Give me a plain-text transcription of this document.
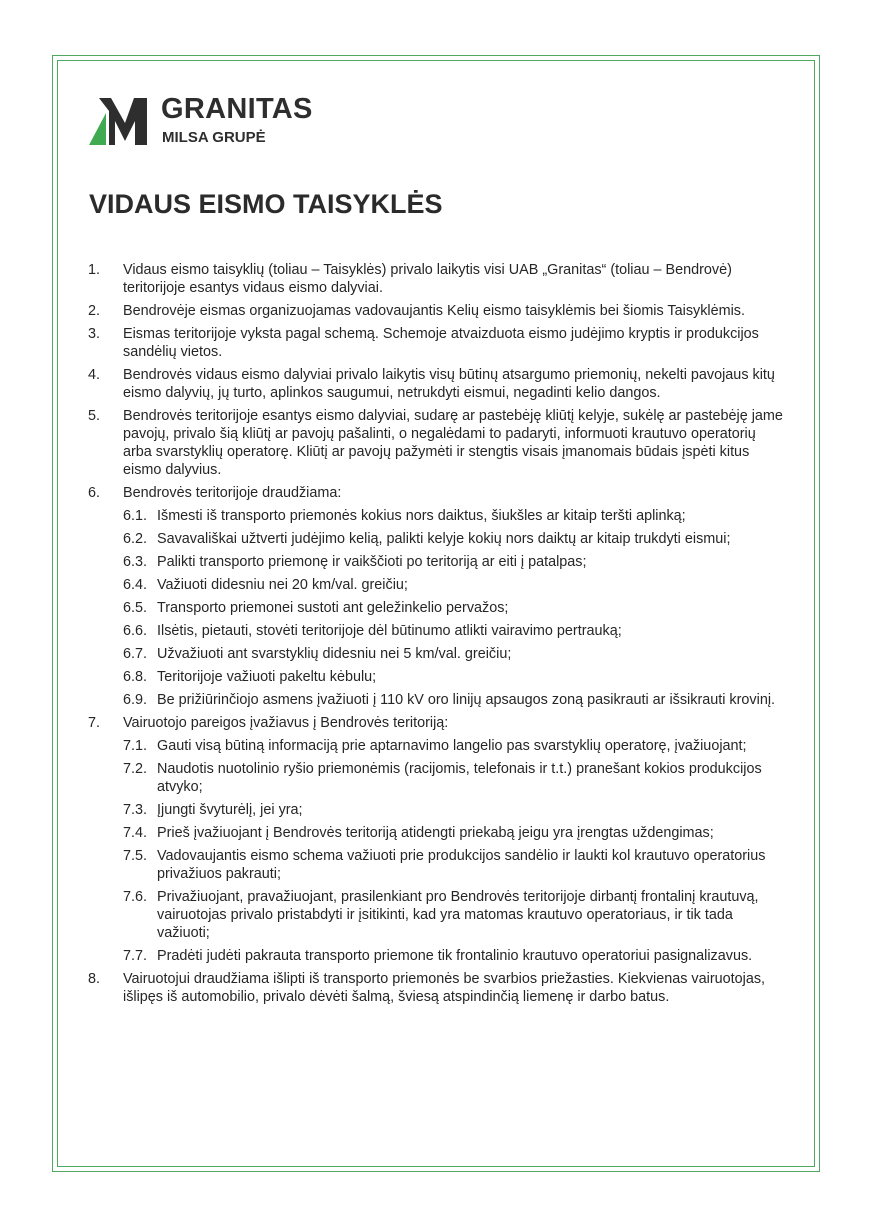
GRANITAS
MILSA GRUPĖ
VIDAUS EISMO TAISYKLĖS
1. Vidaus eismo taisyklių (toliau – Taisyklės) privalo laikytis visi UAB „Granitas“ (toliau – Bendrovė) teritorijoje esantys vidaus eismo dalyviai.
2. Bendrovėje eismas organizuojamas vadovaujantis Kelių eismo taisyklėmis bei šiomis Taisyklėmis.
3. Eismas teritorijoje vyksta pagal schemą. Schemoje atvaizduota eismo judėjimo kryptis ir produkcijos sandėlių vietos.
4. Bendrovės vidaus eismo dalyviai privalo laikytis visų būtinų atsargumo priemonių, nekelti pavojaus kitų eismo dalyvių, jų turto, aplinkos saugumui, netrukdyti eismui, negadinti kelio dangos.
5. Bendrovės teritorijoje esantys eismo dalyviai, sudarę ar pastebėję kliūtį kelyje, sukėlę ar pastebėję jame pavojų, privalo šią kliūtį ar pavojų pašalinti, o negalėdami to padaryti, informuoti krautuvo operatorių arba svarstyklių operatorę. Kliūtį ar pavojų pažymėti ir stengtis visais įmanomais būdais įspėti kitus eismo dalyvius.
6. Bendrovės teritorijoje draudžiama:
6.1. Išmesti iš transporto priemonės kokius nors daiktus, šiukšles ar kitaip teršti aplinką;
6.2. Savavališkai užtverti judėjimo kelią, palikti kelyje kokių nors daiktų ar kitaip trukdyti eismui;
6.3. Palikti transporto priemonę ir vaikščioti po teritoriją ar eiti į patalpas;
6.4. Važiuoti didesniu nei 20 km/val. greičiu;
6.5. Transporto priemonei sustoti ant geležinkelio pervažos;
6.6. Ilsėtis, pietauti, stovėti teritorijoje dėl būtinumo atlikti vairavimo pertrauką;
6.7. Užvažiuoti ant svarstyklių didesniu nei 5 km/val. greičiu;
6.8. Teritorijoje važiuoti pakeltu kėbulu;
6.9. Be prižiūrinčiojo asmens įvažiuoti į 110 kV oro linijų apsaugos zoną pasikrauti ar išsikrauti krovinį.
7. Vairuotojo pareigos įvažiavus į Bendrovės teritoriją:
7.1. Gauti visą būtiną informaciją prie aptarnavimo langelio pas svarstyklių operatorę, įvažiuojant;
7.2. Naudotis nuotolinio ryšio priemonėmis (racijomis, telefonais ir t.t.) pranešant kokios produkcijos atvyko;
7.3. Įjungti švyturėlį, jei yra;
7.4. Prieš įvažiuojant į Bendrovės teritoriją atidengti priekabą jeigu yra įrengtas uždengimas;
7.5. Vadovaujantis eismo schema važiuoti prie produkcijos sandėlio ir laukti kol krautuvo operatorius privažiuos pakrauti;
7.6. Privažiuojant, pravažiuojant, prasilenkiant pro Bendrovės teritorijoje dirbantį frontalinį krautuvą, vairuotojas privalo pristabdyti ir įsitikinti, kad yra matomas krautuvo operatoriaus, ir tik tada važiuoti;
7.7. Pradėti judėti pakrauta transporto priemone tik frontalinio krautuvo operatoriui pasignalizavus.
8. Vairuotojui draudžiama išlipti iš transporto priemonės be svarbios priežasties. Kiekvienas vairuotojas, išlipęs iš automobilio, privalo dėvėti šalmą, šviesą atspindinčią liemenę ir darbo batus.
